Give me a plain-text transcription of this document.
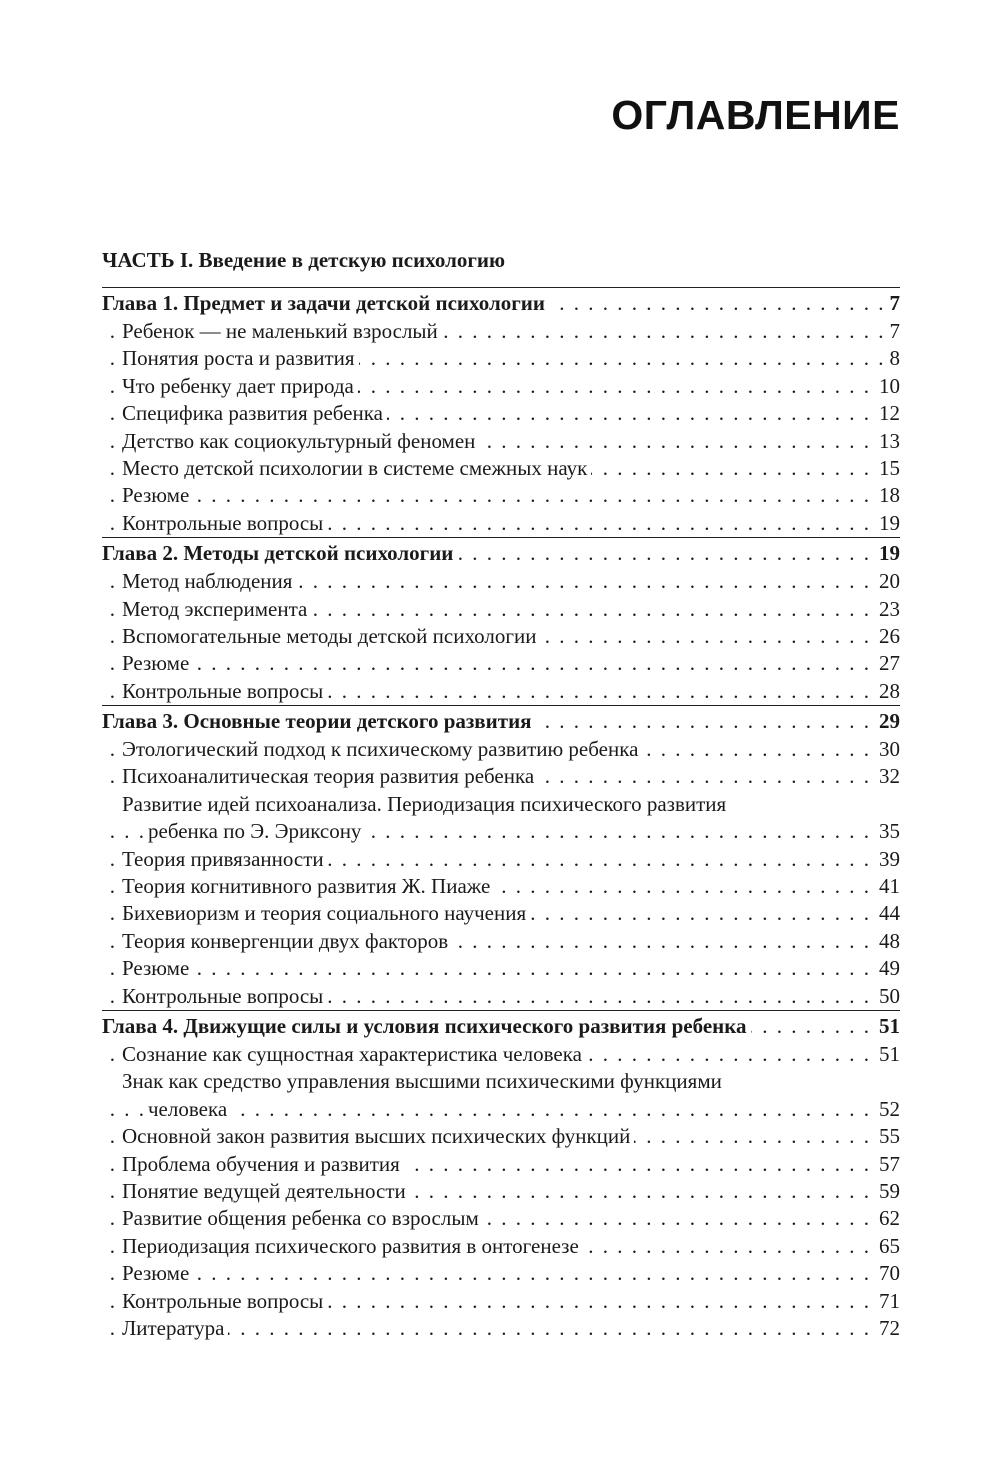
ОГЛАВЛЕНИЕ
ЧАСТЬ I. Введение в детскую психологию
Глава 1. Предмет и задачи детской психологии	7
. . .
Ребенок — не маленький взрослый	7
. . .
Понятия роста и развития	8
. . .
Что ребенку дает природа	10
. . .
Специфика развития ребенка	12
. . .
Детство как социокультурный феномен	13
. . .
Место детской психологии в системе смежных наук	15
. . .
Резюме	18
. . .
Контрольные вопросы	19
. . .
Глава 2. Методы детской психологии	19
. . .
Метод наблюдения	20
. . .
Метод эксперимента	23
. . .
Вспомогательные методы детской психологии	26
. . .
Резюме	27
. . .
Контрольные вопросы	28
. . .
Глава 3. Основные теории детского развития	29
. . .
Этологический подход к психическому развитию ребенка	30
. . .
Психоаналитическая теория развития ребенка	32
. . .
Развитие идей психоанализа. Периодизация психического развития
ребенка по Э. Эриксону	35
. . .
Теория привязанности	39
. . .
Теория когнитивного развития Ж. Пиаже	41
. . .
Бихевиоризм и теория социального научения	44
. . .
Теория конвергенции двух факторов	48
. . .
Резюме	49
. . .
Контрольные вопросы	50
. . .
Глава 4. Движущие силы и условия психического развития ребенка	51
. . .
Сознание как сущностная характеристика человека	51
. . .
Знак как средство управления высшими психическими функциями
человека	52
. . .
Основной закон развития высших психических функций	55
. . .
Проблема обучения и развития	57
. . .
Понятие ведущей деятельности	59
. . .
Развитие общения ребенка со взрослым	62
. . .
Периодизация психического развития в онтогенезе	65
. . .
Резюме	70
. . .
Контрольные вопросы	71
. . .
Литература	72
. . .
